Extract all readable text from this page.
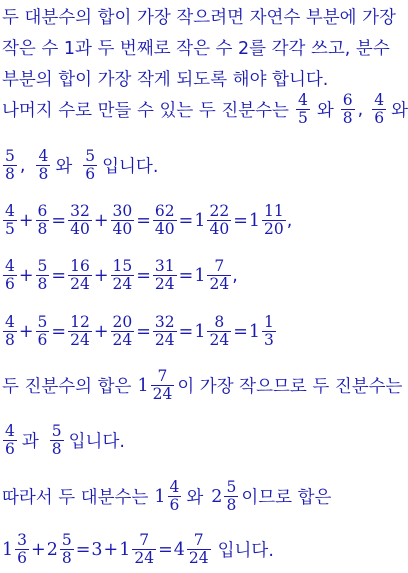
두 대분수의 합이 가장 작으려면 자연수 부분에 가장
작은 수 1과 두 번째로 작은 수 2를 각각 쓰고, 분수
부분의 합이 가장 작게 되도록 해야 합니다.
나머지 수로 만들 수 있는 두 진분수는 $\frac{4}{5}$ 와 $\frac{6}{8}$ , $\frac{4}{6}$ 와
$\frac{5}{8}$ , $\frac{4}{8}$ 와 $\frac{5}{6}$ 입니다.
$\frac{4}{5} + \frac{6}{8} = \frac{32}{40} + \frac{30}{40} = \frac{62}{40} = 1 \frac{22}{40} = 1 \frac{11}{20}$ ,
$\frac{4}{6} + \frac{5}{8} = \frac{16}{24} + \frac{15}{24} = \frac{31}{24} = 1 \frac{7}{24}$ ,
$\frac{4}{8} + \frac{5}{6} = \frac{12}{24} + \frac{20}{24} = \frac{32}{24} = 1 \frac{8}{24} = 1 \frac{1}{3}$
두 진분수의 합은 $1 \frac{7}{24}$ 이 가장 작으므로 두 진분수는
$\frac{4}{6}$ 과 $\frac{5}{8}$ 입니다.
따라서 두 대분수는 $1 \frac{4}{6}$ 와 $2 \frac{5}{8}$ 이므로 합은
$1 \frac{3}{6} + 2 \frac{5}{8} = 3 + 1 \frac{7}{24} = 4 \frac{7}{24}$ 입니다.
